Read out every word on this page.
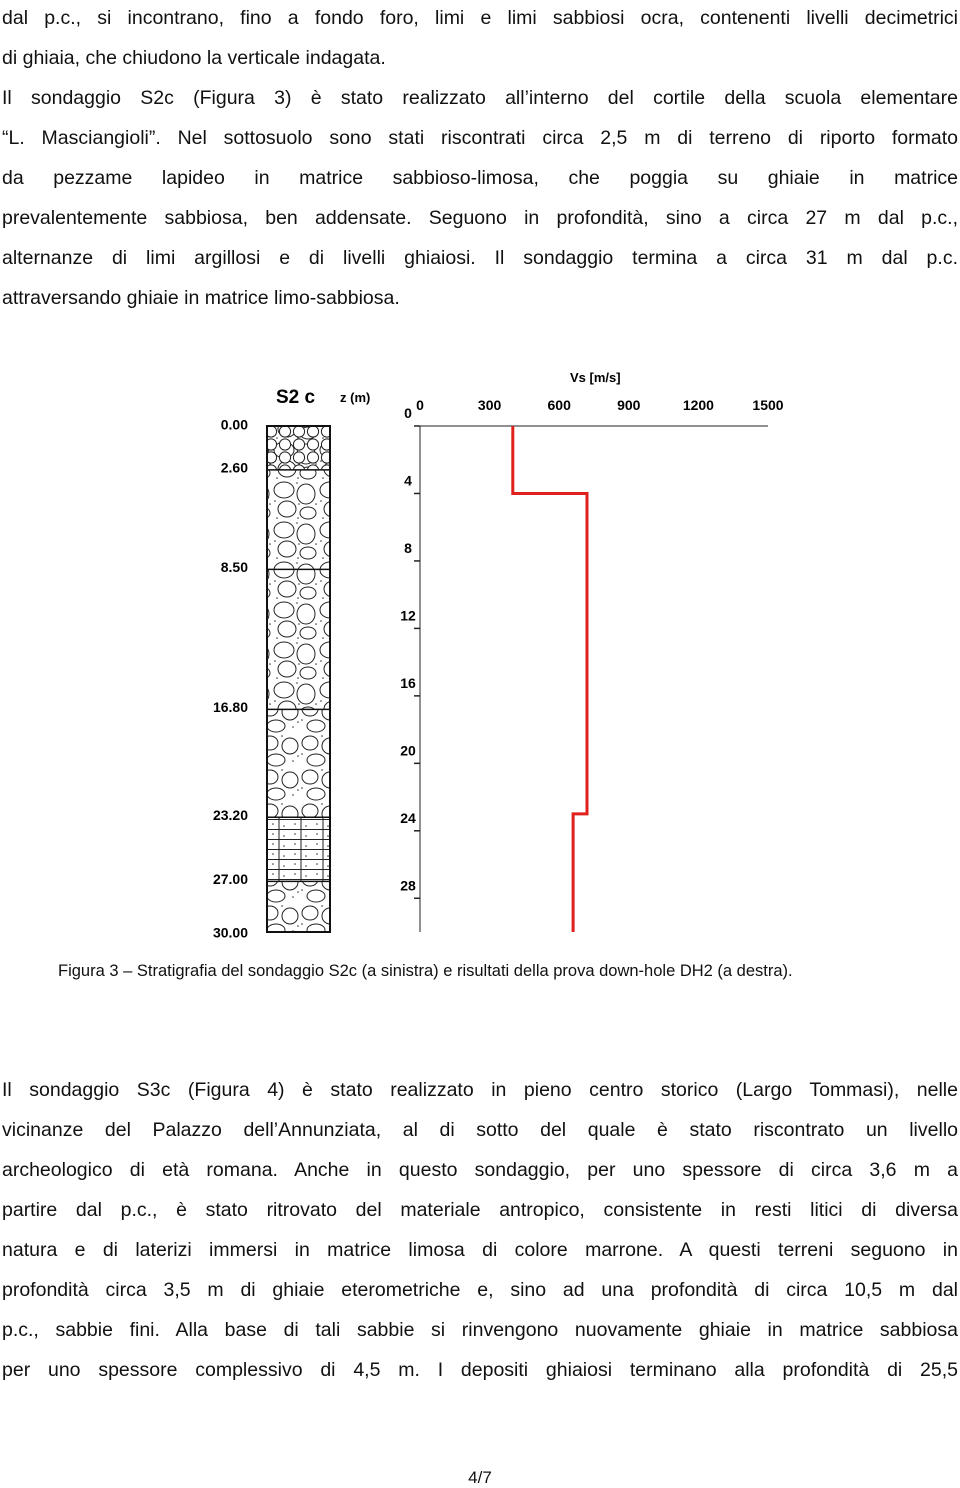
dal p.c., si incontrano, fino a fondo foro, limi e limi sabbiosi ocra, contenenti livelli decimetrici
di ghiaia, che chiudono la verticale indagata.
Il sondaggio S2c (Figura 3) è stato realizzato all’interno del cortile della scuola elementare
“L. Masciangioli”. Nel sottosuolo sono stati riscontrati circa 2,5 m di terreno di riporto formato
da pezzame lapideo in matrice sabbioso-limosa, che poggia su ghiaie in matrice
prevalentemente sabbiosa, ben addensate. Seguono in profondità, sino a circa 27 m dal p.c.,
alternanze di limi argillosi e di livelli ghiaiosi. Il sondaggio termina a circa 31 m dal p.c.
attraversando ghiaie in matrice limo-sabbiosa.
S2 c z (m)
0.00
2.60
8.50
16.80
23.20
27.00
30.00
Vs [m/s]
0	300	600	900	1200	1500
0
4
8
12
16
20
24
28
Figura 3 – Stratigrafia del sondaggio S2c (a sinistra) e risultati della prova down-hole DH2 (a destra).
Il sondaggio S3c (Figura 4) è stato realizzato in pieno centro storico (Largo Tommasi), nelle
vicinanze del Palazzo dell’Annunziata, al di sotto del quale è stato riscontrato un livello
archeologico di età romana. Anche in questo sondaggio, per uno spessore di circa 3,6 m a
partire dal p.c., è stato ritrovato del materiale antropico, consistente in resti litici di diversa
natura e di laterizi immersi in matrice limosa di colore marrone. A questi terreni seguono in
profondità circa 3,5 m di ghiaie eterometriche e, sino ad una profondità di circa 10,5 m dal
p.c., sabbie fini. Alla base di tali sabbie si rinvengono nuovamente ghiaie in matrice sabbiosa
per uno spessore complessivo di 4,5 m. I depositi ghiaiosi terminano alla profondità di 25,5
4/7
